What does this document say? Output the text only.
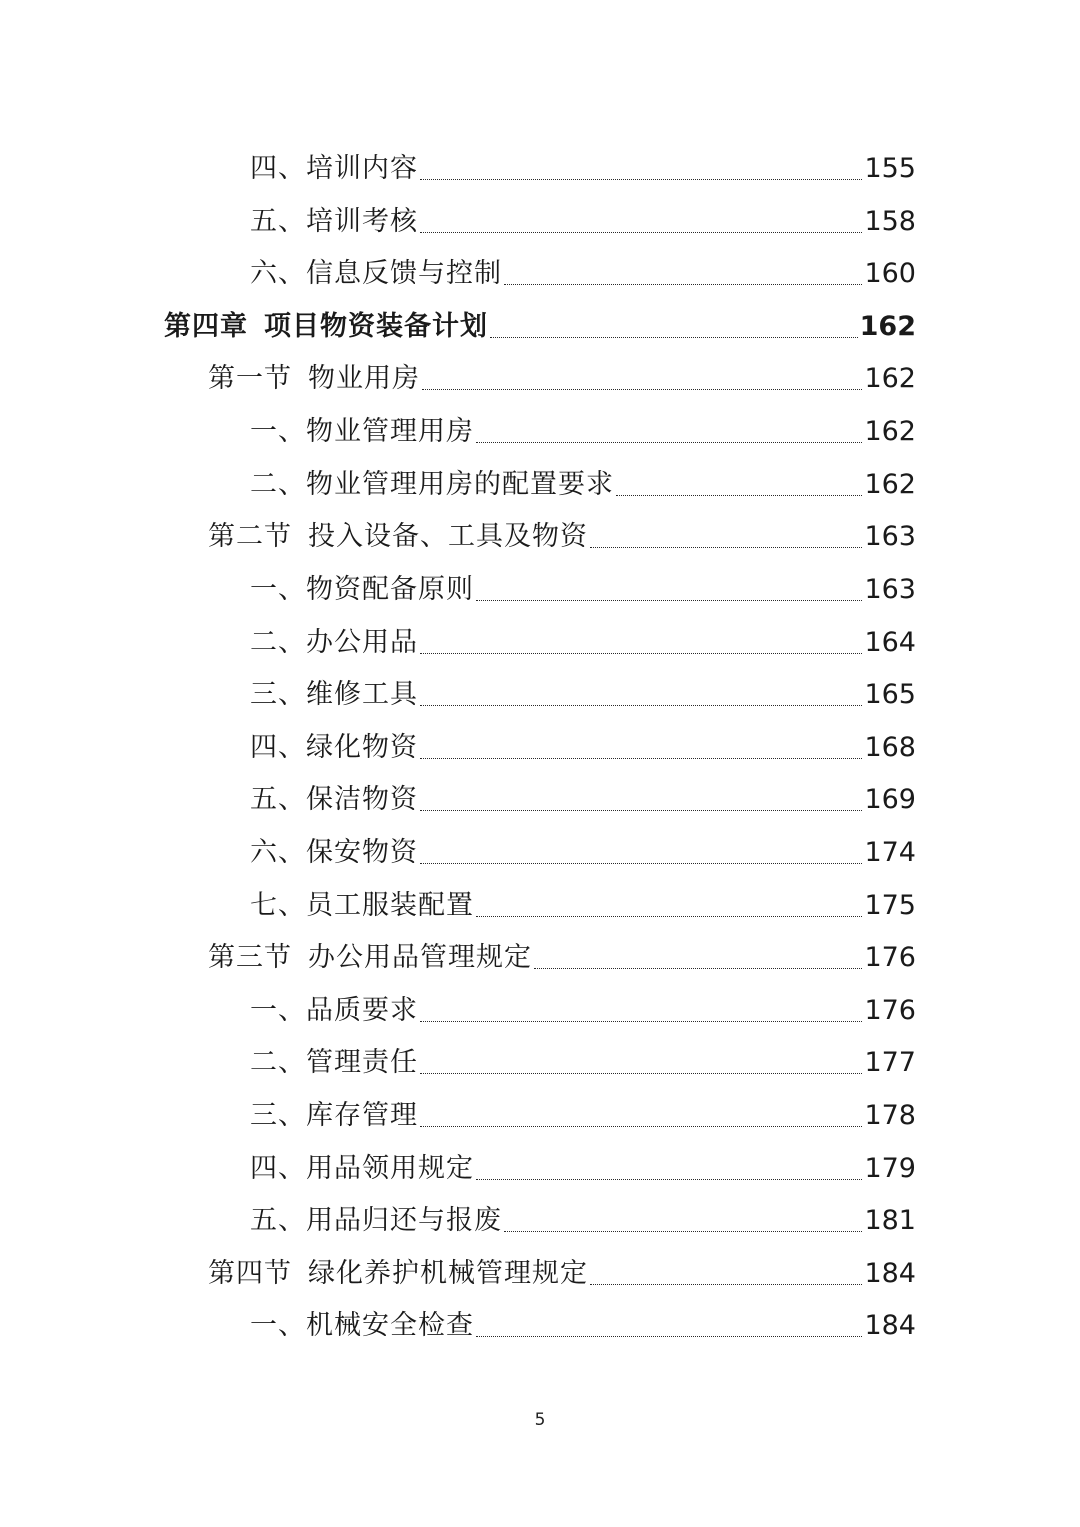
四、培训内容	155
五、培训考核	158
六、信息反馈与控制	160
第四章 项目物资装备计划	162
第一节 物业用房	162
一、物业管理用房	162
二、物业管理用房的配置要求	162
第二节 投入设备、工具及物资	163
一、物资配备原则	163
二、办公用品	164
三、维修工具	165
四、绿化物资	168
五、保洁物资	169
六、保安物资	174
七、员工服装配置	175
第三节 办公用品管理规定	176
一、品质要求	176
二、管理责任	177
三、库存管理	178
四、用品领用规定	179
五、用品归还与报废	181
第四节 绿化养护机械管理规定	184
一、机械安全检查	184
5
